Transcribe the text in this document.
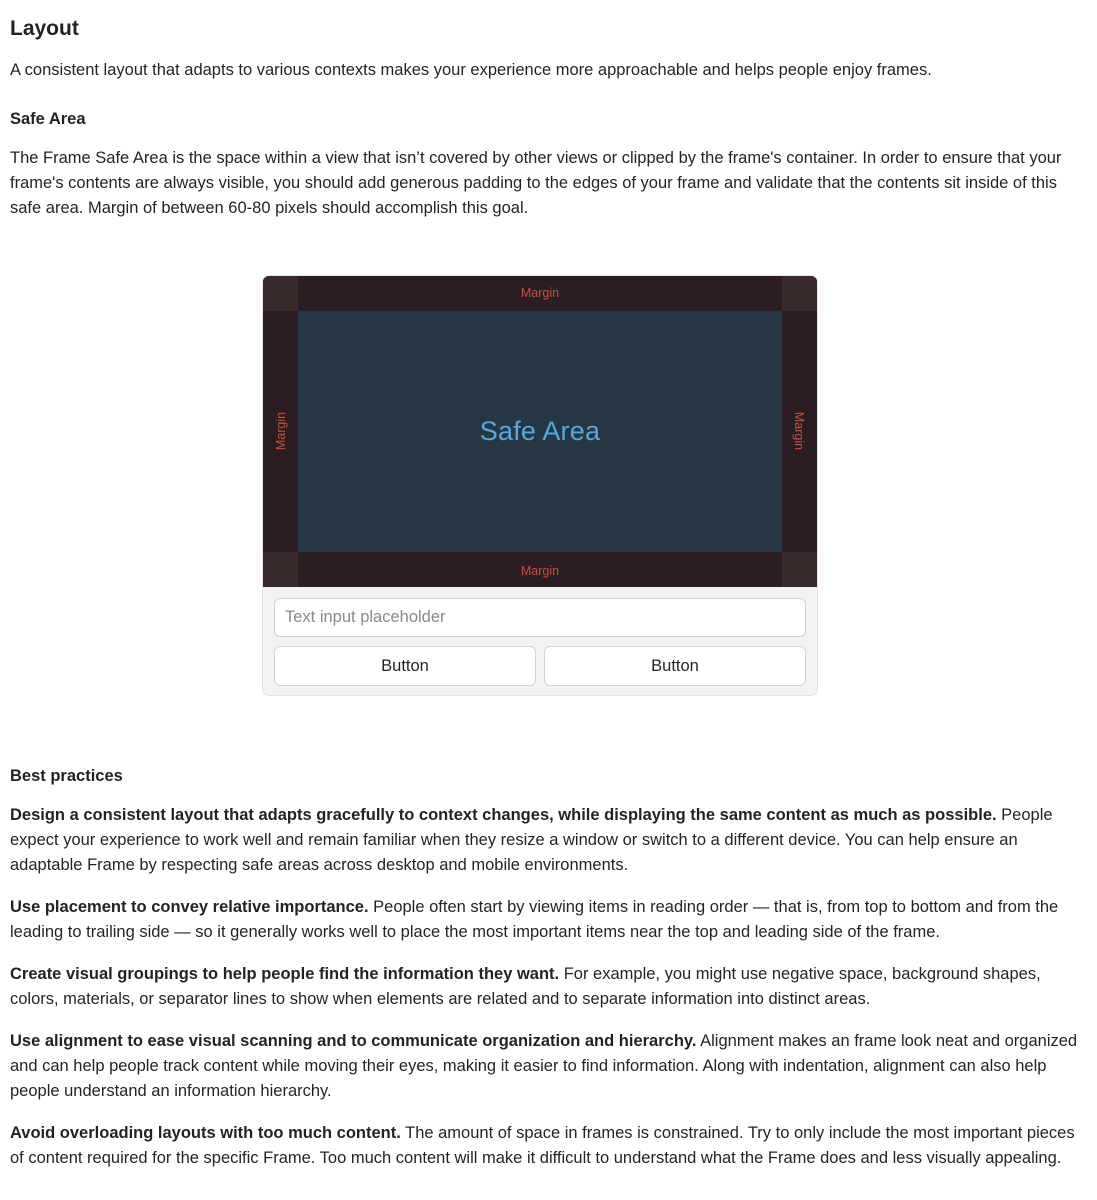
Layout

A consistent layout that adapts to various contexts makes your experience more approachable and helps people enjoy frames.

Safe Area

The Frame Safe Area is the space within a view that isn’t covered by other views or clipped by the frame's container. In order to ensure that your frame's contents are always visible, you should add generous padding to the edges of your frame and validate that the contents sit inside of this safe area. Margin of between 60-80 pixels should accomplish this goal.

Margin
Margin
Margin	Margin
Safe Area
Text input placeholder
Button	Button
Best practices

Design a consistent layout that adapts gracefully to context changes, while displaying the same content as much as possible. People expect your experience to work well and remain familiar when they resize a window or switch to a different device. You can help ensure an adaptable Frame by respecting safe areas across desktop and mobile environments.

Use placement to convey relative importance. People often start by viewing items in reading order — that is, from top to bottom and from the leading to trailing side — so it generally works well to place the most important items near the top and leading side of the frame.

Create visual groupings to help people find the information they want. For example, you might use negative space, background shapes, colors, materials, or separator lines to show when elements are related and to separate information into distinct areas.

Use alignment to ease visual scanning and to communicate organization and hierarchy. Alignment makes an frame look neat and organized and can help people track content while moving their eyes, making it easier to find information. Along with indentation, alignment can also help people understand an information hierarchy.

Avoid overloading layouts with too much content. The amount of space in frames is constrained. Try to only include the most important pieces of content required for the specific Frame. Too much content will make it difficult to understand what the Frame does and less visually appealing.
